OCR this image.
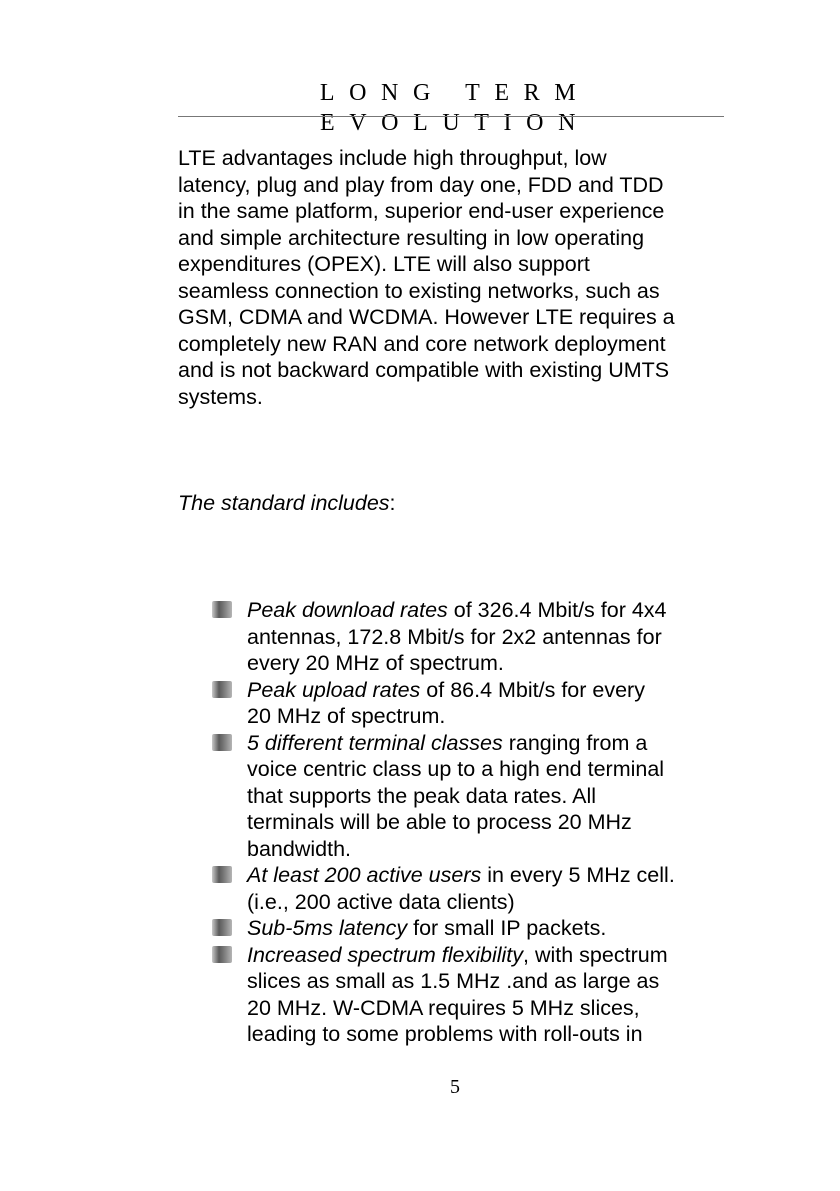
LONG TERM EVOLUTION
LTE advantages include high throughput, low
latency, plug and play from day one, FDD and TDD
in the same platform, superior end-user experience
and simple architecture resulting in low operating
expenditures (OPEX). LTE will also support
seamless connection to existing networks, such as
GSM, CDMA and WCDMA. However LTE requires a
completely new RAN and core network deployment
and is not backward compatible with existing UMTS
systems.
The standard includes:
Peak download rates of 326.4 Mbit/s for 4x4
antennas, 172.8 Mbit/s for 2x2 antennas for
every 20 MHz of spectrum.
Peak upload rates of 86.4 Mbit/s for every
20 MHz of spectrum.
5 different terminal classes ranging from a
voice centric class up to a high end terminal
that supports the peak data rates. All
terminals will be able to process 20 MHz
bandwidth.
At least 200 active users in every 5 MHz cell.
(i.e., 200 active data clients)
Sub-5ms latency for small IP packets.
Increased spectrum flexibility, with spectrum
slices as small as 1.5 MHz .and as large as
20 MHz. W-CDMA requires 5 MHz slices,
leading to some problems with roll-outs in
5
